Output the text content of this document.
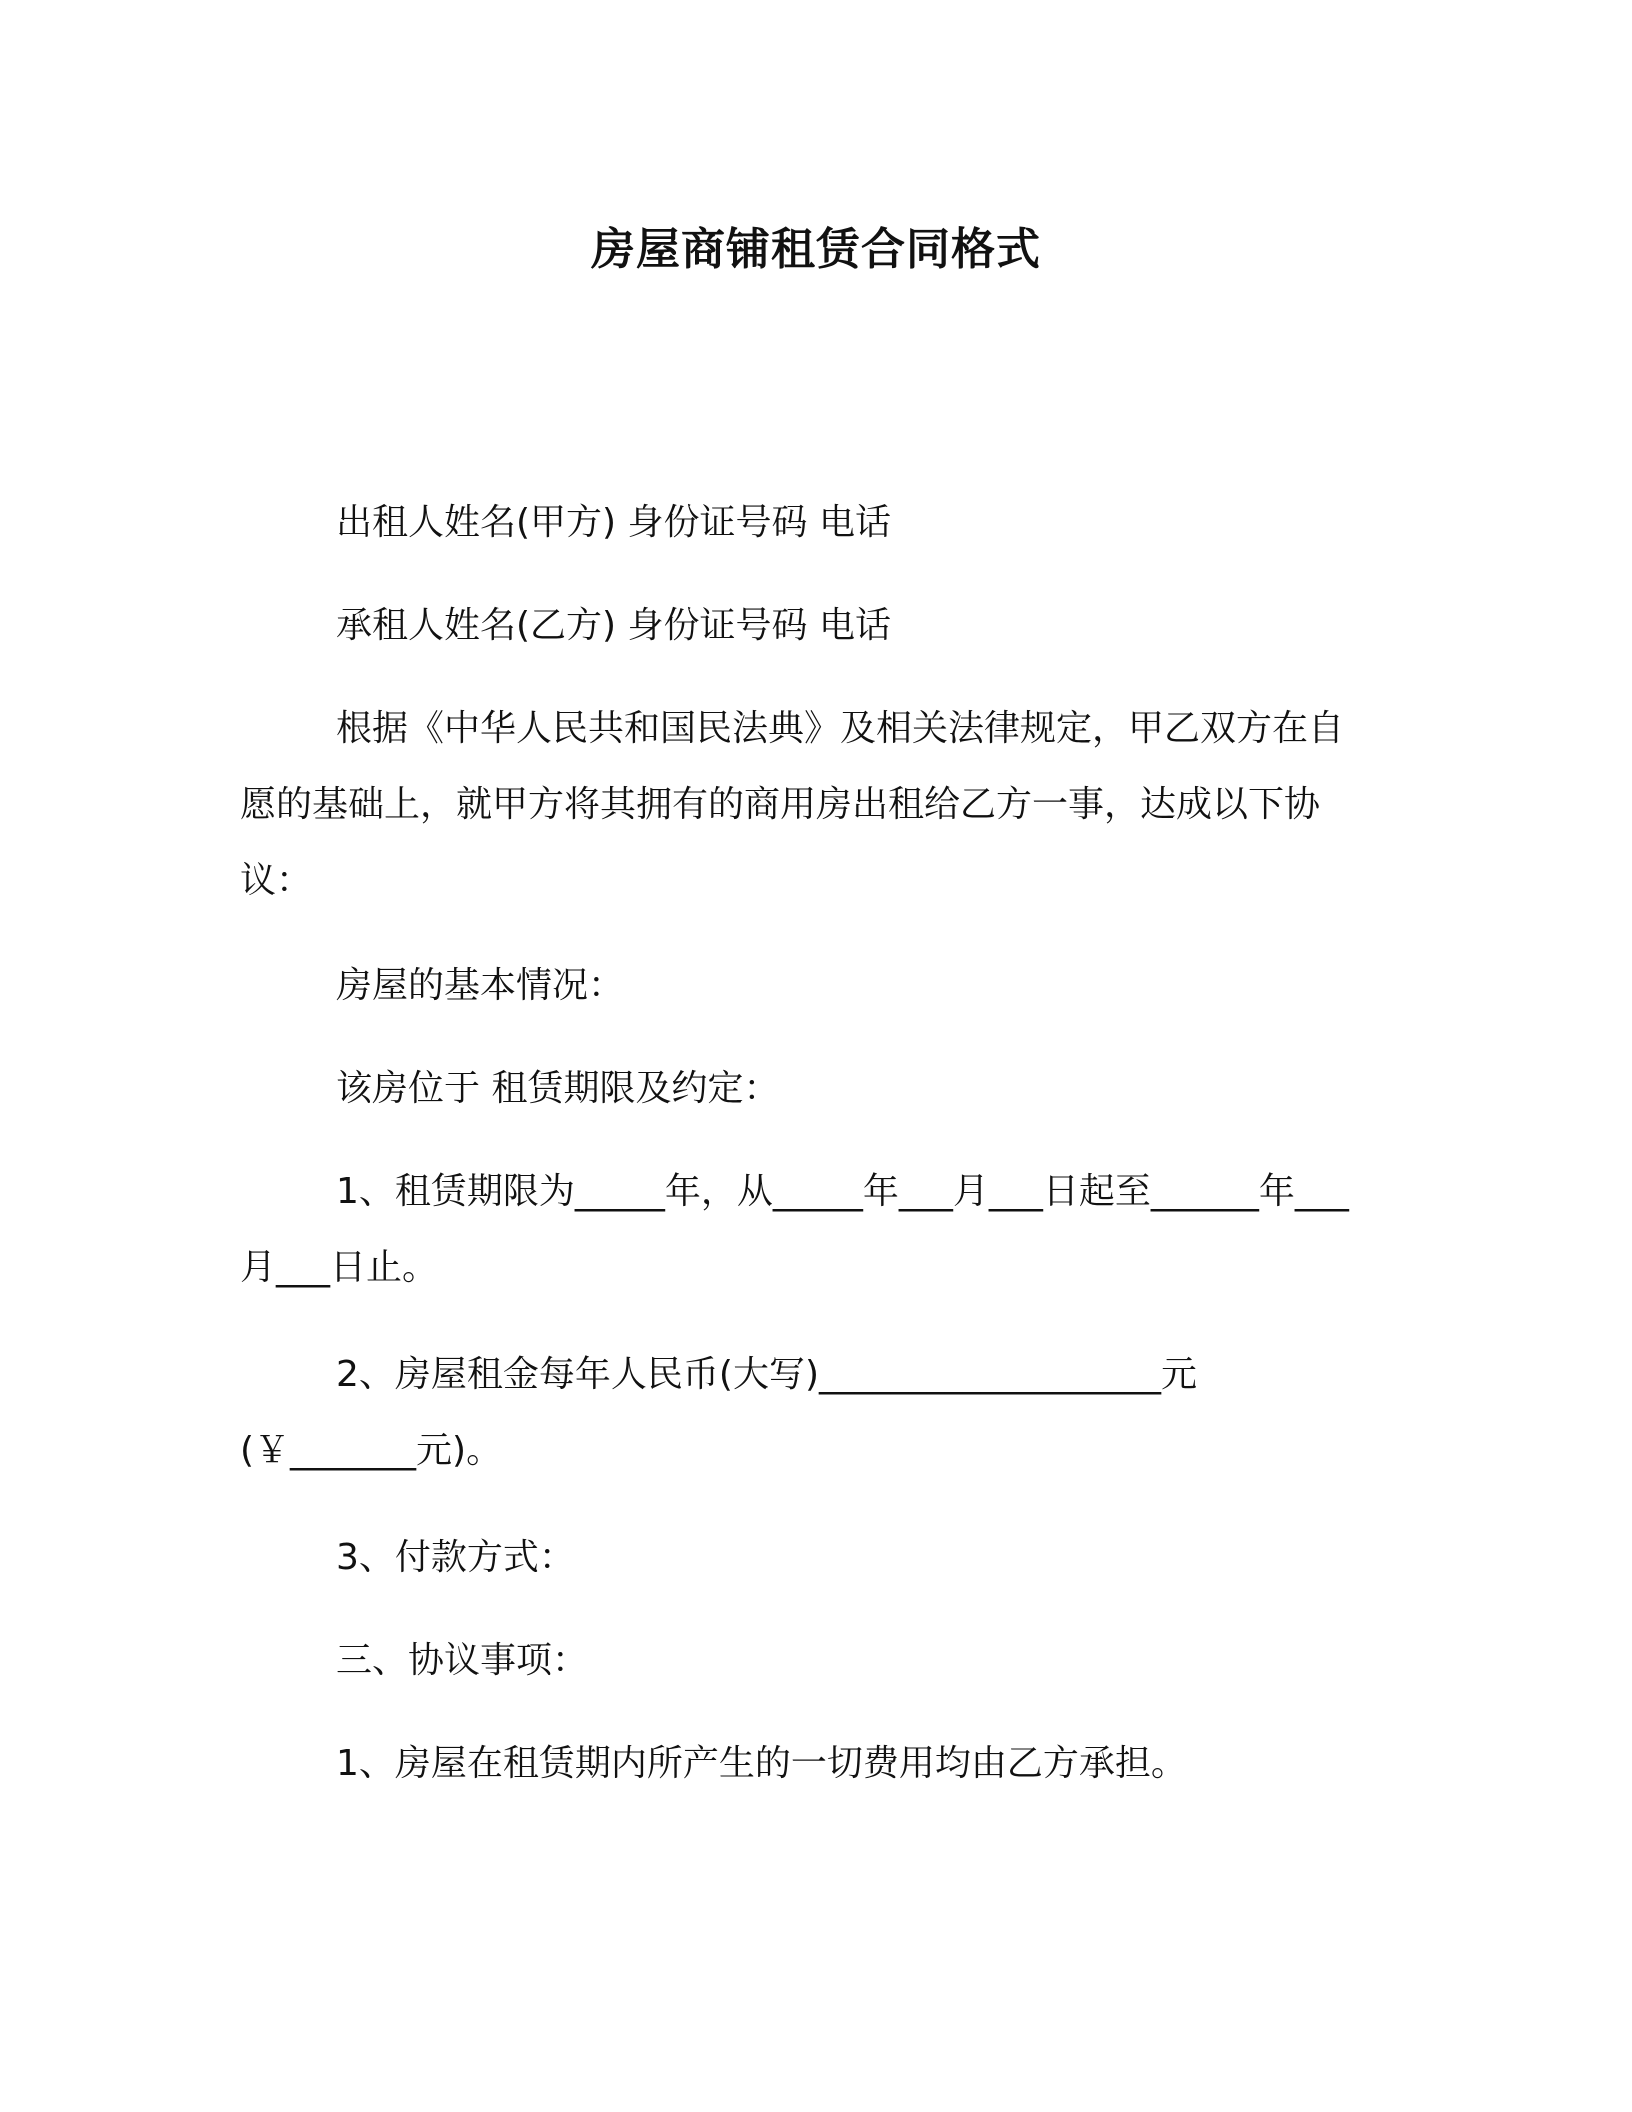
房屋商铺租赁合同格式
出租人姓名(甲方) 身份证号码 电话
承租人姓名(乙方) 身份证号码 电话
根据《中华人民共和国民法典》及相关法律规定，甲乙双方在自愿的基础上，就甲方将其拥有的商用房出租给乙方一事，达成以下协议：
房屋的基本情况：
该房位于 租赁期限及约定：
1、租赁期限为_____年，从_____年___月___日起至______年___月___日止。
2、房屋租金每年人民币(大写)___________________元(￥_______元)。
3、付款方式：
三、协议事项：
1、房屋在租赁期内所产生的一切费用均由乙方承担。
